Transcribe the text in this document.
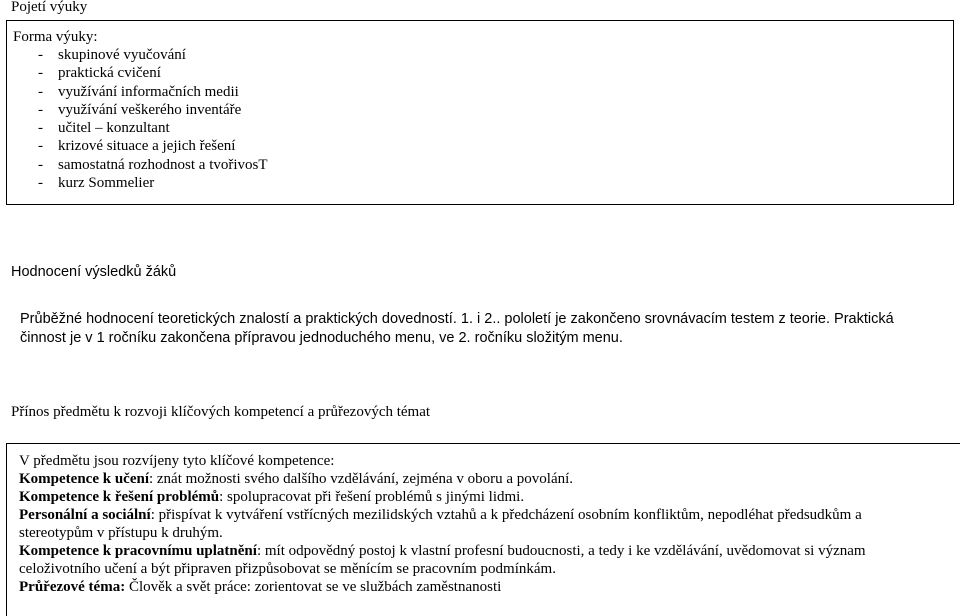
Pojetí výuky
Forma výuky:
- skupinové vyučování
- praktická cvičení
- využívání informačních medii
- využívání veškerého inventáře
- učitel – konzultant
- krizové situace a jejich řešení
- samostatná rozhodnost a tvořivosT
- kurz Sommelier
Hodnocení výsledků žáků
Průběžné hodnocení teoretických znalostí a praktických dovedností. 1. i 2.. pololetí je zakončeno srovnávacím testem z teorie. Praktická
činnost je v 1 ročníku zakončena přípravou jednoduchého menu, ve 2. ročníku složitým menu.
Přínos předmětu k rozvoji klíčových kompetencí a průřezových témat

V předmětu jsou rozvíjeny tyto klíčové kompetence:

Kompetence k učení: znát možnosti svého dalšího vzdělávání, zejména v oboru a povolání.

Kompetence k řešení problémů: spolupracovat při řešení problémů s jinými lidmi.

Personální a sociální: přispívat k vytváření vstřícných mezilidských vztahů a k předcházení osobním konfliktům, nepodléhat předsudkům a
stereotypům v přístupu k druhým.

Kompetence k pracovnímu uplatnění: mít odpovědný postoj k vlastní profesní budoucnosti, a tedy i ke vzdělávání, uvědomovat si význam
celoživotního učení a být připraven přizpůsobovat se měnícím se pracovním podmínkám.

Průřezové téma: Člověk a svět práce: zorientovat se ve službách zaměstnanosti
